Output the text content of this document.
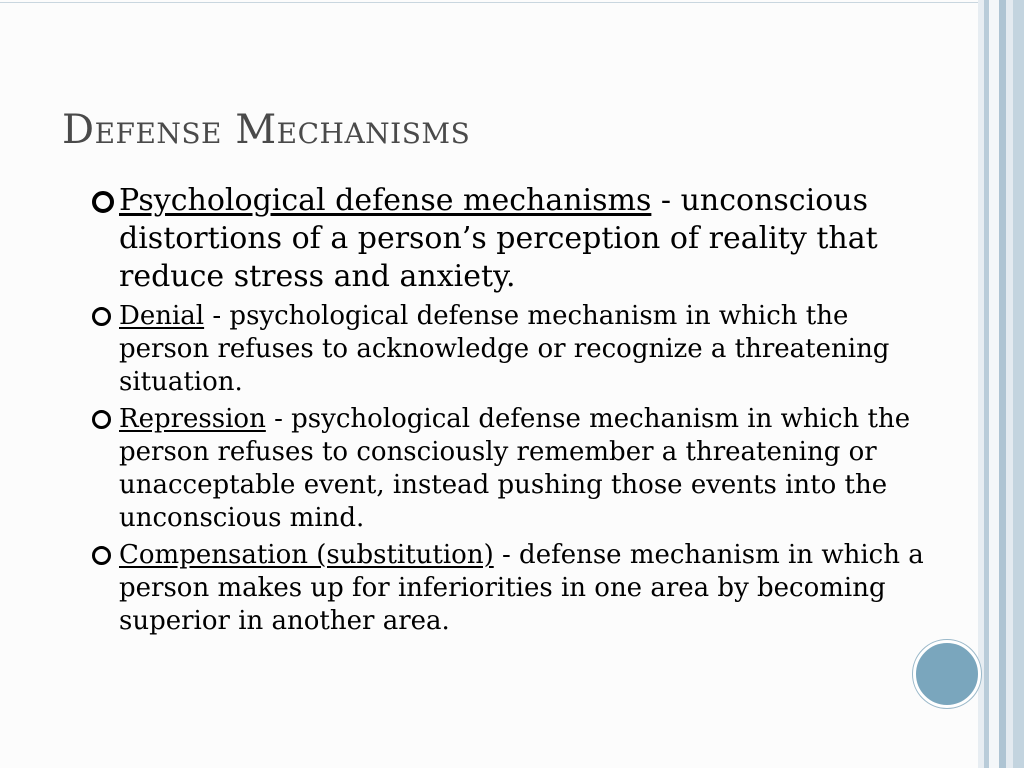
Defense Mechanisms
Psychological defense mechanisms - unconscious distortions of a person’s perception of reality that reduce stress and anxiety.
Denial - psychological defense mechanism in which the person refuses to acknowledge or recognize a threatening situation.
Repression - psychological defense mechanism in which the person refuses to consciously remember a threatening or unacceptable event, instead pushing those events into the unconscious mind.
Compensation (substitution) - defense mechanism in which a person makes up for inferiorities in one area by becoming superior in another area.
